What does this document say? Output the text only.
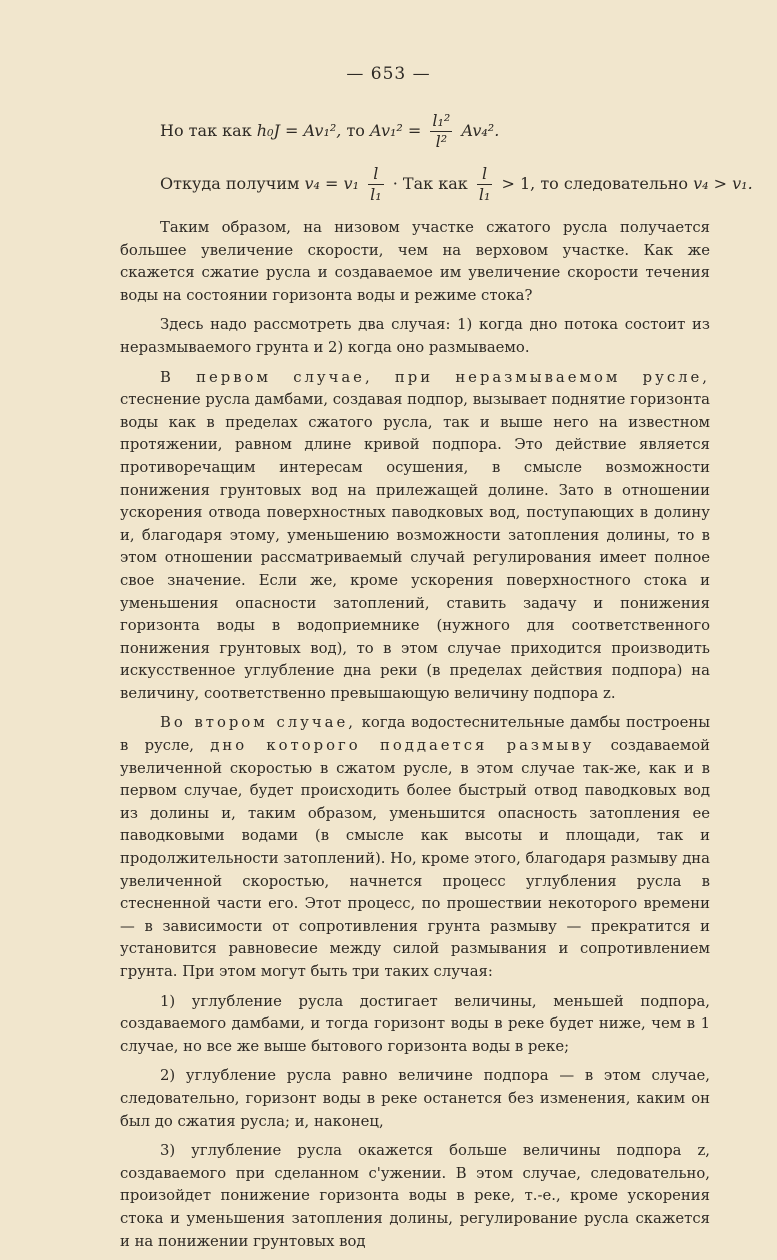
— 653 —
Но так как h₀J = Av₁², то $Av_1^2 = \frac{\text{l₁²}}{\text{l²}} Av_4^2$.
Откуда получим $v_4 = v_1 \frac{l}{\text{l₁}}$ · Так как $\frac{l}{\text{l₁}} > 1$, то следовательно v₄ > v₁.

Таким образом, на низовом участке сжатого русла получается большее увеличение скорости, чем на верховом участке. Как же скажется сжатие русла и создаваемое им увеличение скорости течения воды на состоянии горизонта воды и режиме стока?

Здесь надо рассмотреть два случая: 1) когда дно потока состоит из неразмываемого грунта и 2) когда оно размываемо.

В первом случае, при неразмываемом русле, стеснение русла дамбами, создавая подпор, вызывает поднятие горизонта воды как в пределах сжатого русла, так и выше него на известном протяжении, равном длине кривой подпора. Это действие является противоречащим интересам осушения, в смысле возможности понижения грунтовых вод на прилежащей долине. Зато в отношении ускорения отвода поверхностных паводковых вод, поступающих в долину и, благодаря этому, уменьшению возможности затопления долины, то в этом отношении рассматриваемый случай регулирования имеет полное свое значение. Если же, кроме ускорения поверхностного стока и уменьшения опасности затоплений, ставить задачу и понижения горизонта воды в водоприемнике (нужного для соответственного понижения грунтовых вод), то в этом случае приходится производить искусственное углубление дна реки (в пределах действия подпора) на величину, соответственно превышающую величину подпора z.

Во втором случае, когда водостеснительные дамбы построены в русле, дно которого поддается размыву создаваемой увеличенной скоростью в сжатом русле, в этом случае так-же, как и в первом случае, будет происходить более быстрый отвод паводковых вод из долины и, таким образом, уменьшится опасность затопления ее паводковыми водами (в смысле как высоты и площади, так и продолжительности затоплений). Но, кроме этого, благодаря размыву дна увеличенной скоростью, начнется процесс углубления русла в стесненной части его. Этот процесс, по прошествии некоторого времени — в зависимости от сопротивления грунта размыву — прекратится и установится равновесие между силой размывания и сопротивлением грунта. При этом могут быть три таких случая:

1) углубление русла достигает величины, меньшей подпора, создаваемого дамбами, и тогда горизонт воды в реке будет ниже, чем в 1 случае, но все же выше бытового горизонта воды в реке;

2) углубление русла равно величине подпора — в этом случае, следовательно, горизонт воды в реке останется без изменения, каким он был до сжатия русла; и, наконец,

3) углубление русла окажется больше величины подпора z, создаваемого при сделанном с'ужении. В этом случае, следовательно, произойдет понижение горизонта воды в реке, т.-е., кроме ускорения стока и уменьшения затопления долины, регулирование русла скажется и на понижении грунтовых вод
